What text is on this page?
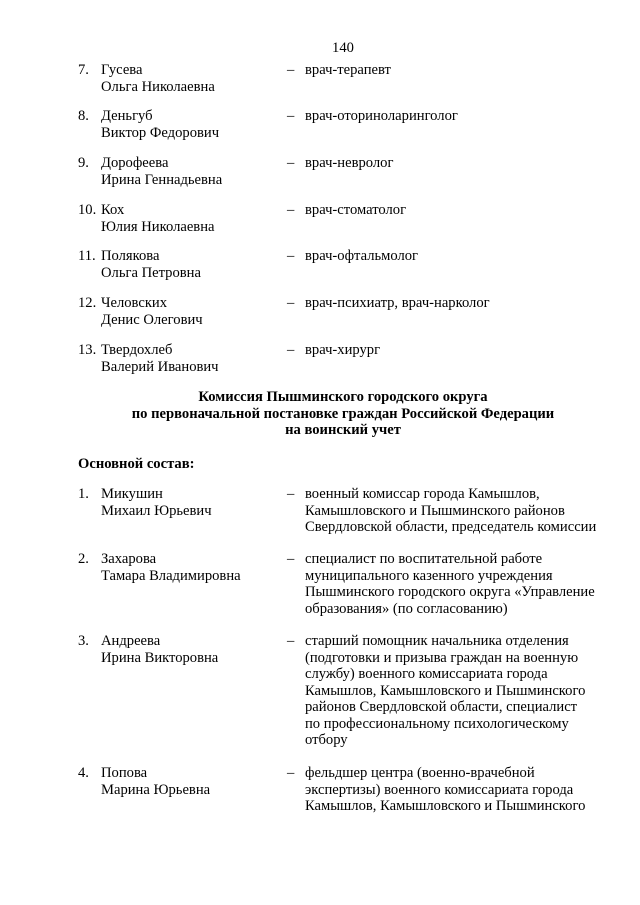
140
7. Гусева
Ольга Николаевна
– врач-терапевт
8. Деньгуб
Виктор Федорович
– врач-оториноларинголог
9. Дорофеева
Ирина Геннадьевна
– врач-невролог
10. Кох
Юлия Николаевна
– врач-стоматолог
11. Полякова
Ольга Петровна
– врач-офтальмолог
12. Человских
Денис Олегович
– врач-психиатр, врач-нарколог
13. Твердохлеб
Валерий Иванович
– врач-хирург
Комиссия Пышминского городского округа
по первоначальной постановке граждан Российской Федерации
на воинский учет
Основной состав:
1. Микушин
Михаил Юрьевич
– военный комиссар города Камышлов,
Камышловского и Пышминского районов
Свердловской области, председатель комиссии
2. Захарова
Тамара Владимировна
– специалист по воспитательной работе
муниципального казенного учреждения
Пышминского городского округа «Управление
образования» (по согласованию)
3. Андреева
Ирина Викторовна
– старший помощник начальника отделения
(подготовки и призыва граждан на военную
службу) военного комиссариата города
Камышлов, Камышловского и Пышминского
районов Свердловской области, специалист
по профессиональному психологическому
отбору
4. Попова
Марина Юрьевна
– фельдшер центра (военно-врачебной
экспертизы) военного комиссариата города
Камышлов, Камышловского и Пышминского
